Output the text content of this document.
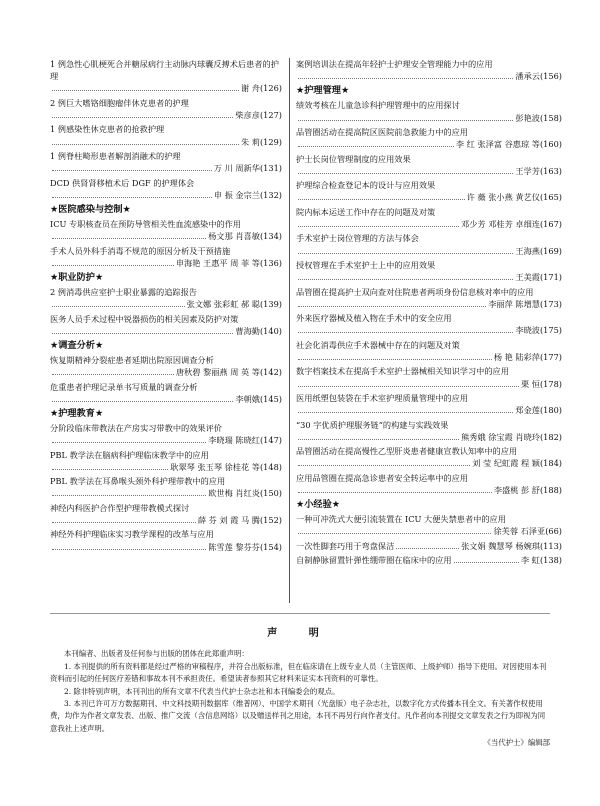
1 例急性心肌梗死合并糖尿病行主动脉内球囊反搏术后患者的护理
谢 舟 (126)
2 例巨大嗜铬细胞瘤伴休克患者的护理
柴彦彦 (127)
1 例感染性休克患者的抢救护理
朱 莉 (129)
1 例脊柱畸形患者解剖消融术的护理
万 川 周新华 (131)
DCD 供肾肾移植术后 DGF 的护理体会
申 振 金宗兰 (132)
★医院感染与控制★
ICU 专职核查员在预防导管相关性血流感染中的作用
杨文那 肖喜敏 (134)
手术人员外科手消毒不规范的原因分析及干预措施
申海艳 王惠平 周 菲 等 (136)
★职业防护★
2 例消毒供应室护士职业暴露的追踪报告
张文娜 张彩虹 郝 聪 (139)
医务人员手术过程中锐器损伤的相关因素及防护对策
曹海勤 (140)
★调查分析★
恢复期精神分裂症患者延期出院原因调查分析
唐秋碧 黎丽燕 周 英 等 (142)
危重患者护理记录单书写质量的调查分析
李朝娥 (145)
★护理教育★
分阶段临床带教法在产房实习带教中的效果评价
李晓瑞 陈晓红 (147)
PBL 教学法在脑病科护理临床教学中的应用
耿翠琴 张玉琴 徐桂花 等 (148)
PBL 教学法在耳鼻喉头颈外科护理带教中的应用
欧世梅 肖红炎 (150)
神经内科医护合作型护理带教模式探讨
薛 芬 刘 霞 马 腾 (152)
神经外科护理临床实习教学课程的改革与应用
陈雪莲 黎芬芬 (154)
案例培训法在提高年轻护士护理安全管理能力中的应用
潘承云 (156)
★护理管理★
绩效考核在儿童急诊科护理管理中的应用探讨
彭艳波 (158)
品管圈活动在提高院区医院前急救能力中的应用
李 红 张泽富 谷惠琼 等 (160)
护士长岗位管理制度的应用效果
王学芳 (163)
护理综合检查登记本的设计与应用效果
许 薇 张小燕 黄艺仪 (165)
院内标本运送工作中存在的问题及对策
邓少芳 邓桂芳 卓细连 (167)
手术室护士岗位管理的方法与体会
王海燕 (169)
授权管理在手术室护士上中的应用效果
王美霞 (171)
品管圈在提高护士双向查对住院患者两项身份信息核对率中的应用
李丽萍 陈增慧 (173)
外来医疗器械及植入物在手术中的安全应用
李晓波 (175)
社会化消毒供应手术器械中存在的问题及对策
杨 艳 陆彩萍 (177)
数字档案技术在提高手术室护士器械相关知识学习中的应用
栗 恒 (178)
医用纸塑包装袋在手术室护理质量管理中的应用
郑金莲 (180)
“30 字优质护理服务链”的构建与实践效果
熊秀娥 徐宝霞 肖晓玲 (182)
品管圈活动在提高慢性乙型肝炎患者健康宣教认知率中的应用
刘 莹 纪虹霞 程 颖 (184)
应用品管圈在提高急诊患者安全转运率中的应用
李盛桃 彭 舒 (188)
★小经验★
一种可冲洗式大便引流装置在 ICU 大便失禁患者中的应用
徐芙蓉 石泽亚 (66)
一次性脚套巧用于弯盘保洁	张文娟 魏慧琴 杨婉琪 (113)
自制静脉留置针弹性绷带圈在临床中的应用	李 虹 (138)
声 明

本刊编者、出版者及任何参与出版的团体在此郑重声明：

1. 本刊提供的所有资料都是经过严格的审稿程序，并符合出版标准，但在临床请在上级专业人员（主管医师、上级护师）指导下使用。对因使用本刊资料而引起的任何医疗差错和事故本刊不承担责任。希望读者参照其它材料来证实本刊资料的可靠性。

2. 除非特别声明，本刊刊出的所有文章不代表当代护士杂志社和本刊编委会的观点。

3. 本刊已许可万方数据期刊、中文科技期刊数据库（维普网）、中国学术期刊（光盘版）电子杂志社，以数字化方式传播本刊全文。有关著作权使用费，均作为作者文章发表、出版、推广交流（含信息网络）以及赠送样刊之用途，本刊不再另行向作者支付。凡作者向本刊提交文章发表之行为即视为同意我社上述声明。

《当代护士》编辑部
